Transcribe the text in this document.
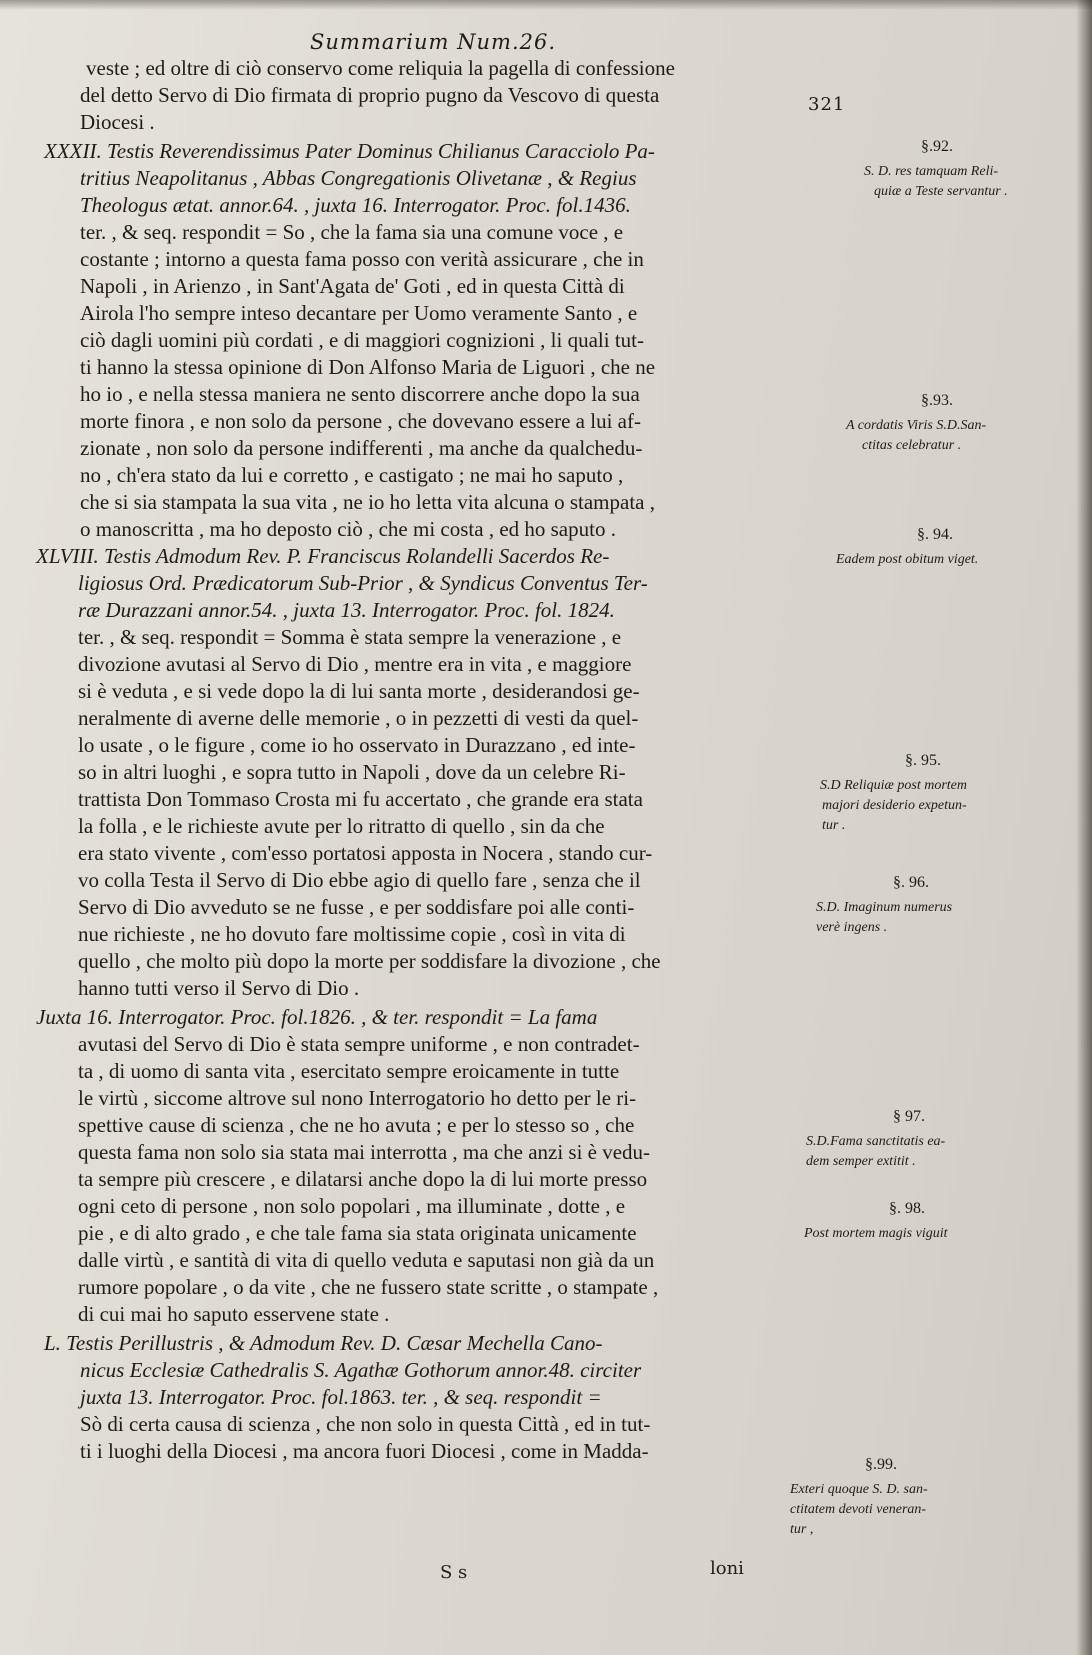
Summarium Num.26.
321
veste ; ed oltre di ciò conservo come reliquia la pagella di confessione
del detto Servo di Dio firmata di proprio pugno da Vescovo di questa
Diocesi .
XXXII. Testis Reverendissimus Pater Dominus Chilianus Caracciolo Pa-
tritius Neapolitanus , Abbas Congregationis Olivetanæ , & Regius
Theologus ætat. annor.64. , juxta 16. Interrogator. Proc. fol.1436.
ter. , & seq. respondit = So , che la fama sia una comune voce , e
costante ; intorno a questa fama posso con verità assicurare , che in
Napoli , in Arienzo , in Sant'Agata de' Goti , ed in questa Città di
Airola l'ho sempre inteso decantare per Uomo veramente Santo , e
ciò dagli uomini più cordati , e di maggiori cognizioni , li quali tut-
ti hanno la stessa opinione di Don Alfonso Maria de Liguori , che ne
ho io , e nella stessa maniera ne sento discorrere anche dopo la sua
morte finora , e non solo da persone , che dovevano essere a lui af-
zionate , non solo da persone indifferenti , ma anche da qualchedu-
no , ch'era stato da lui e corretto , e castigato ; ne mai ho saputo ,
che si sia stampata la sua vita , ne io ho letta vita alcuna o stampata ,
o manoscritta , ma ho deposto ciò , che mi costa , ed ho saputo .
XLVIII. Testis Admodum Rev. P. Franciscus Rolandelli Sacerdos Re-
ligiosus Ord. Prædicatorum Sub-Prior , & Syndicus Conventus Ter-
ræ Durazzani annor.54. , juxta 13. Interrogator. Proc. fol. 1824.
ter. , & seq. respondit = Somma è stata sempre la venerazione , e
divozione avutasi al Servo di Dio , mentre era in vita , e maggiore
si è veduta , e si vede dopo la di lui santa morte , desiderandosi ge-
neralmente di averne delle memorie , o in pezzetti di vesti da quel-
lo usate , o le figure , come io ho osservato in Durazzano , ed inte-
so in altri luoghi , e sopra tutto in Napoli , dove da un celebre Ri-
trattista Don Tommaso Crosta mi fu accertato , che grande era stata
la folla , e le richieste avute per lo ritratto di quello , sin da che
era stato vivente , com'esso portatosi apposta in Nocera , stando cur-
vo colla Testa il Servo di Dio ebbe agio di quello fare , senza che il
Servo di Dio avveduto se ne fusse , e per soddisfare poi alle conti-
nue richieste , ne ho dovuto fare moltissime copie , così in vita di
quello , che molto più dopo la morte per soddisfare la divozione , che
hanno tutti verso il Servo di Dio .
Juxta 16. Interrogator. Proc. fol.1826. , & ter. respondit = La fama
avutasi del Servo di Dio è stata sempre uniforme , e non contradet-
ta , di uomo di santa vita , esercitato sempre eroicamente in tutte
le virtù , siccome altrove sul nono Interrogatorio ho detto per le ri-
spettive cause di scienza , che ne ho avuta ; e per lo stesso so , che
questa fama non solo sia stata mai interrotta , ma che anzi si è vedu-
ta sempre più crescere , e dilatarsi anche dopo la di lui morte presso
ogni ceto di persone , non solo popolari , ma illuminate , dotte , e
pie , e di alto grado , e che tale fama sia stata originata unicamente
dalle virtù , e santità di vita di quello veduta e saputasi non già da un
rumore popolare , o da vite , che ne fussero state scritte , o stampate ,
di cui mai ho saputo esservene state .
L. Testis Perillustris , & Admodum Rev. D. Cæsar Mechella Cano-
nicus Ecclesiæ Cathedralis S. Agathæ Gothorum annor.48. circiter
juxta 13. Interrogator. Proc. fol.1863. ter. , & seq. respondit =
Sò di certa causa di scienza , che non solo in questa Città , ed in tut-
ti i luoghi della Diocesi , ma ancora fuori Diocesi , come in Madda-
§.92.
S. D. res tamquam Reli-
quiæ a Teste servantur .
§.93.
A cordatis Viris S.D.San-
ctitas celebratur .
§. 94.
Eadem post obitum viget.
§. 95.
S.D Reliquiæ post mortem
majori desiderio expetun-
tur .
§. 96.
S.D. Imaginum numerus
verè ingens .
§ 97.
S.D.Fama sanctitatis ea-
dem semper extitit .
§. 98.
Post mortem magis viguit
§.99.
Exteri quoque S. D. san-
ctitatem devoti veneran-
tur ,
S s	loni
